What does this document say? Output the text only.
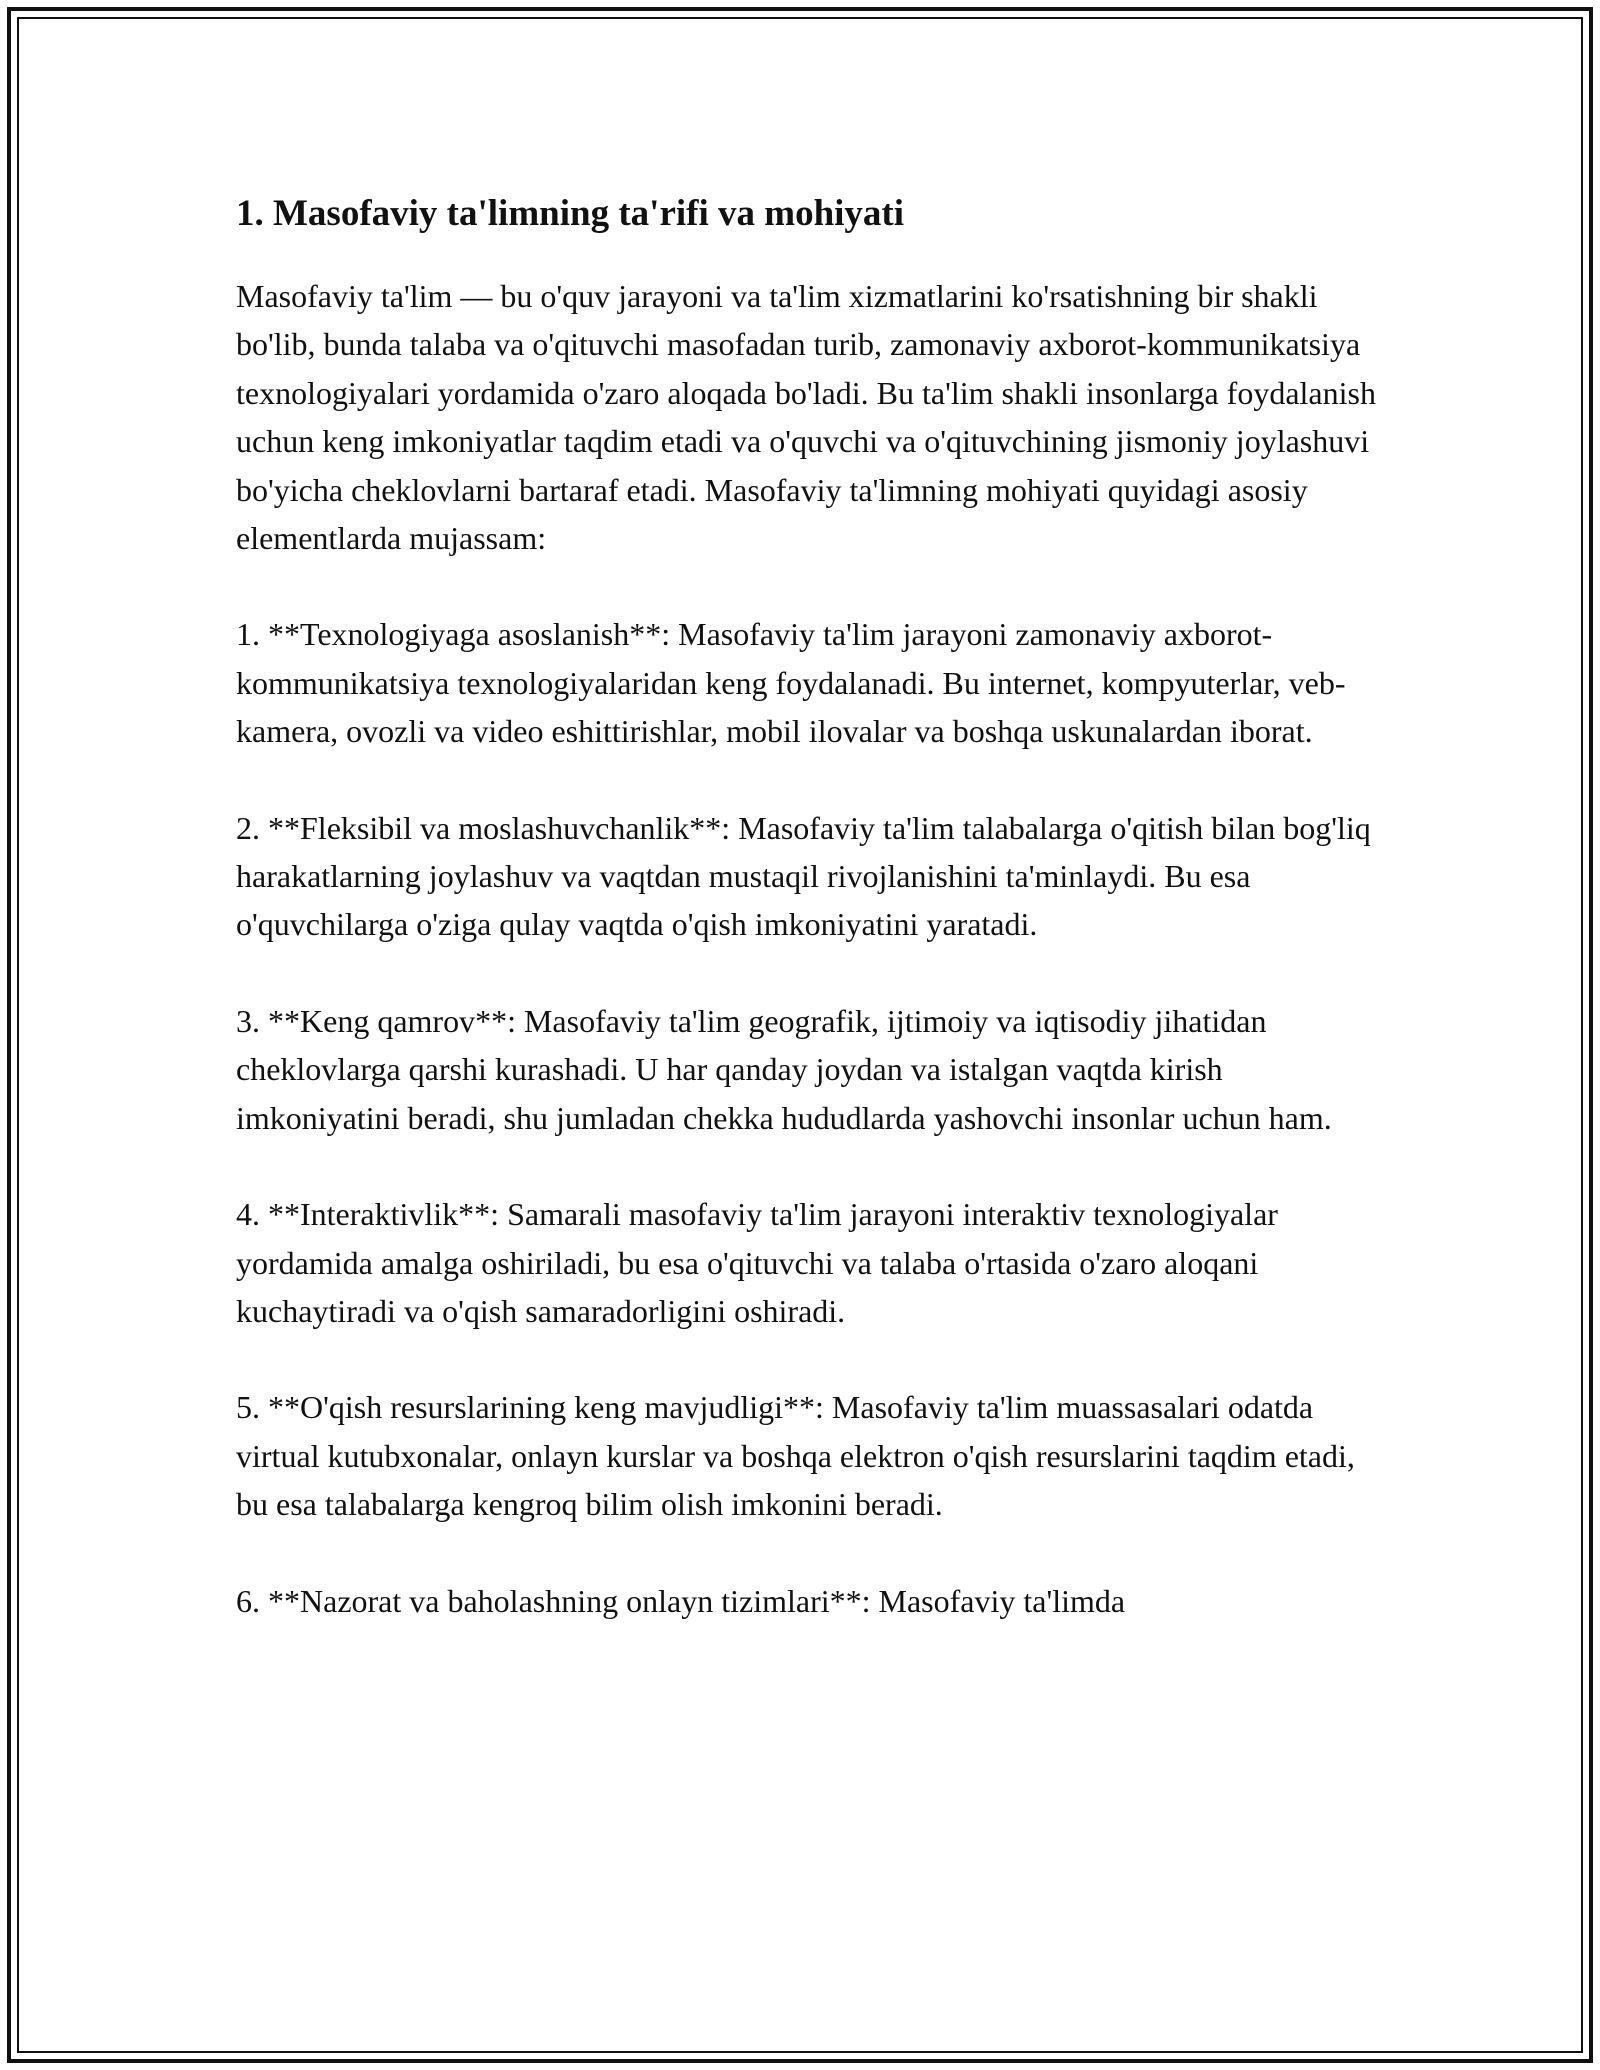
1. Masofaviy ta'limning ta'rifi va mohiyati

Masofaviy ta'lim — bu o'quv jarayoni va ta'lim xizmatlarini ko'rsatishning bir shakli bo'lib, bunda talaba va o'qituvchi masofadan turib, zamonaviy axborot-kommunikatsiya texnologiyalari yordamida o'zaro aloqada bo'ladi. Bu ta'lim shakli insonlarga foydalanish uchun keng imkoniyatlar taqdim etadi va o'quvchi va o'qituvchining jismoniy joylashuvi bo'yicha cheklovlarni bartaraf etadi. Masofaviy ta'limning mohiyati quyidagi asosiy elementlarda mujassam:

1. **Texnologiyaga asoslanish**: Masofaviy ta'lim jarayoni zamonaviy axborot-kommunikatsiya texnologiyalaridan keng foydalanadi. Bu internet, kompyuterlar, veb-kamera, ovozli va video eshittirishlar, mobil ilovalar va boshqa uskunalardan iborat.

2. **Fleksibil va moslashuvchanlik**: Masofaviy ta'lim talabalarga o'qitish bilan bog'liq harakatlarning joylashuv va vaqtdan mustaqil rivojlanishini ta'minlaydi. Bu esa o'quvchilarga o'ziga qulay vaqtda o'qish imkoniyatini yaratadi.

3. **Keng qamrov**: Masofaviy ta'lim geografik, ijtimoiy va iqtisodiy jihatidan cheklovlarga qarshi kurashadi. U har qanday joydan va istalgan vaqtda kirish imkoniyatini beradi, shu jumladan chekka hududlarda yashovchi insonlar uchun ham.

4. **Interaktivlik**: Samarali masofaviy ta'lim jarayoni interaktiv texnologiyalar yordamida amalga oshiriladi, bu esa o'qituvchi va talaba o'rtasida o'zaro aloqani kuchaytiradi va o'qish samaradorligini oshiradi.

5. **O'qish resurslarining keng mavjudligi**: Masofaviy ta'lim muassasalari odatda virtual kutubxonalar, onlayn kurslar va boshqa elektron o'qish resurslarini taqdim etadi, bu esa talabalarga kengroq bilim olish imkonini beradi.

6. **Nazorat va baholashning onlayn tizimlari**: Masofaviy ta'limda
